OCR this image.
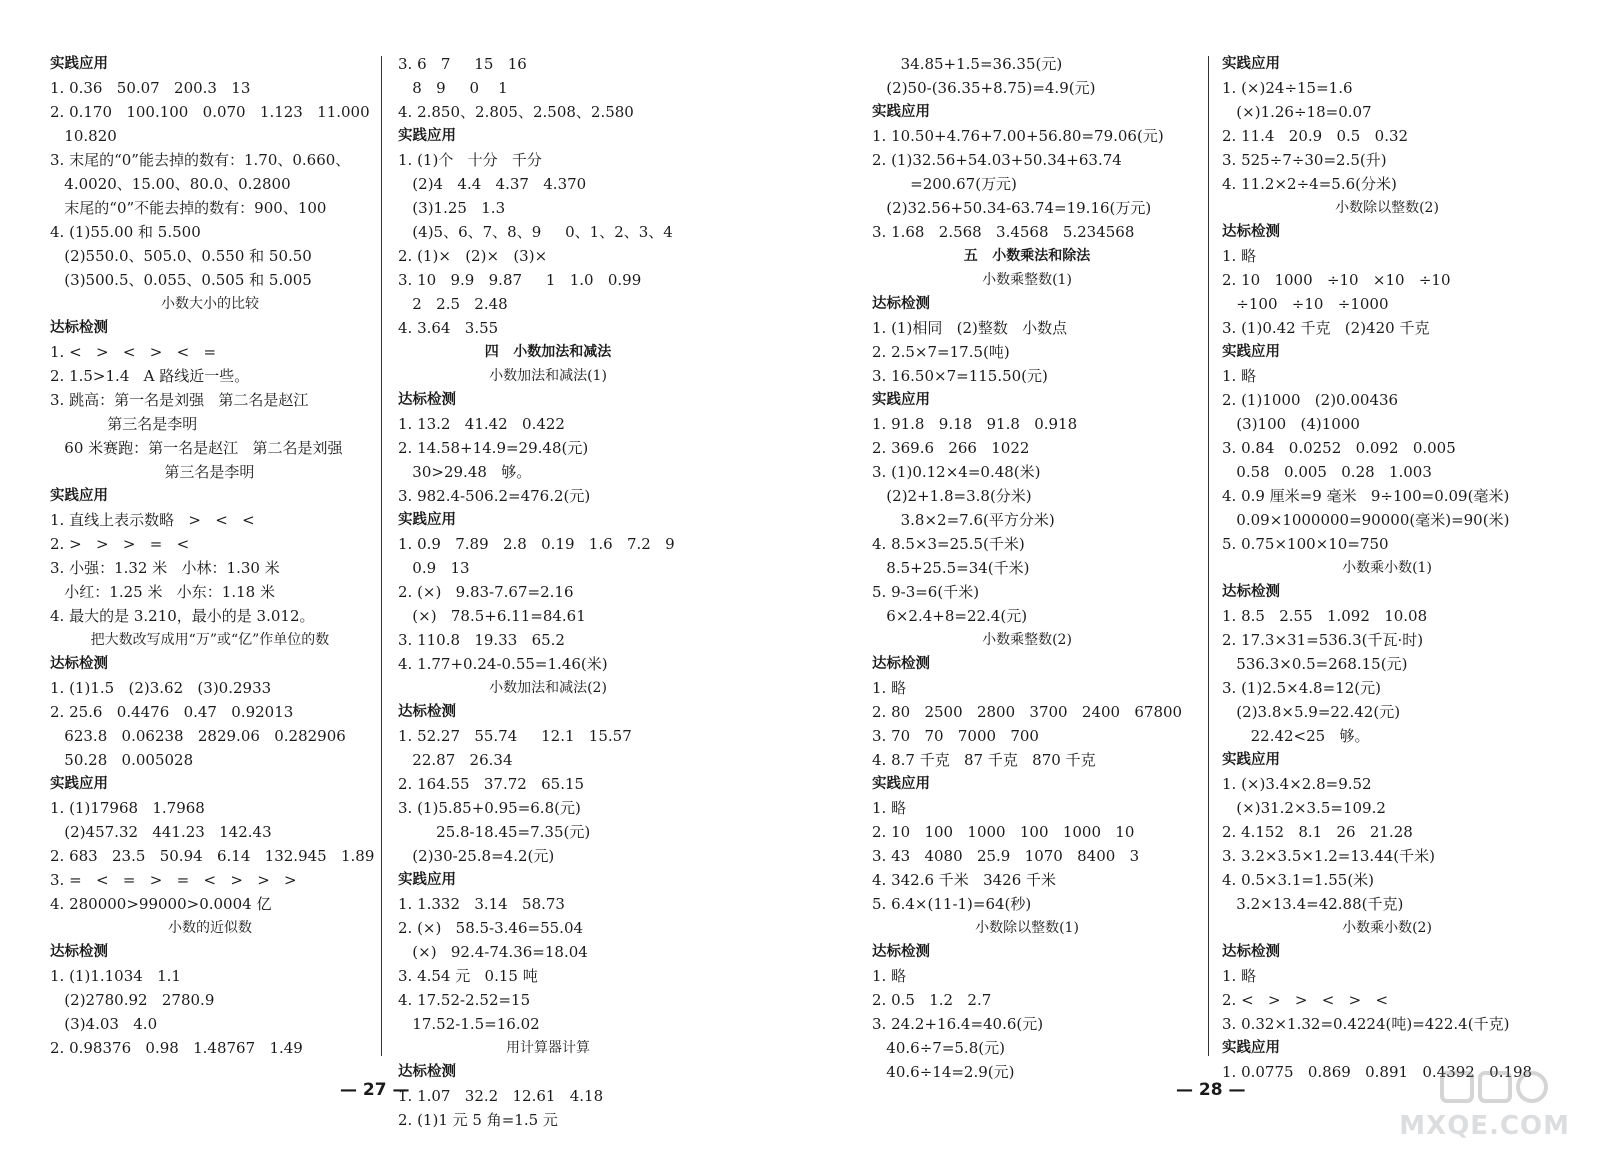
实践应用
1. 0.36   50.07   200.3   13
2. 0.170   100.100   0.070   1.123   11.000
10.820
3. 末尾的“0”能去掉的数有：1.70、0.660、
4.0020、15.00、80.0、0.2800
末尾的“0”不能去掉的数有：900、100
4. (1)55.00 和 5.500
(2)550.0、505.0、0.550 和 50.50
(3)500.5、0.055、0.505 和 5.005
小数大小的比较
达标检测
1. <   >   <   >   <   =
2. 1.5>1.4   A 路线近一些。
3. 跳高：第一名是刘强   第二名是赵江
第三名是李明
60 米赛跑：第一名是赵江   第二名是刘强
第三名是李明
实践应用
1. 直线上表示数略   >   <   <
2. >   >   >   =   <
3. 小强：1.32 米   小林：1.30 米
小红：1.25 米   小东：1.18 米
4. 最大的是 3.210，最小的是 3.012。
把大数改写成用“万”或“亿”作单位的数
达标检测
1. (1)1.5   (2)3.62   (3)0.2933
2. 25.6   0.4476   0.47   0.92013
623.8   0.06238   2829.06   0.282906
50.28   0.005028
实践应用
1. (1)17968   1.7968
(2)457.32   441.23   142.43
2. 683   23.5   50.94   6.14   132.945   1.89
3. =   <   =   >   =   <   >   >   >
4. 280000>99000>0.0004 亿
小数的近似数
达标检测
1. (1)1.1034   1.1
(2)2780.92   2780.9
(3)4.03   4.0
2. 0.98376   0.98   1.48767   1.49
3. 6   7     15   16
8   9     0    1
4. 2.850、2.805、2.508、2.580
实践应用
1. (1)个   十分   千分
(2)4   4.4   4.37   4.370
(3)1.25   1.3
(4)5、6、7、8、9     0、1、2、3、4
2. (1)×   (2)×   (3)×
3. 10   9.9   9.87     1   1.0   0.99
2   2.5   2.48
4. 3.64   3.55
四   小数加法和减法
小数加法和减法(1)
达标检测
1. 13.2   41.42   0.422
2. 14.58+14.9=29.48(元)
30>29.48   够。
3. 982.4-506.2=476.2(元)
实践应用
1. 0.9   7.89   2.8   0.19   1.6   7.2   9
0.9   13
2. (×)   9.83-7.67=2.16
(×)   78.5+6.11=84.61
3. 110.8   19.33   65.2
4. 1.77+0.24-0.55=1.46(米)
小数加法和减法(2)
达标检测
1. 52.27   55.74     12.1   15.57
22.87   26.34
2. 164.55   37.72   65.15
3. (1)5.85+0.95=6.8(元)
25.8-18.45=7.35(元)
(2)30-25.8=4.2(元)
实践应用
1. 1.332   3.14   58.73
2. (×)   58.5-3.46=55.04
(×)   92.4-74.36=18.04
3. 4.54 元   0.15 吨
4. 17.52-2.52=15
17.52-1.5=16.02
用计算器计算
达标检测
1. 1.07   32.2   12.61   4.18
2. (1)1 元 5 角=1.5 元
34.85+1.5=36.35(元)
(2)50-(36.35+8.75)=4.9(元)
实践应用
1. 10.50+4.76+7.00+56.80=79.06(元)
2. (1)32.56+54.03+50.34+63.74
=200.67(万元)
(2)32.56+50.34-63.74=19.16(万元)
3. 1.68   2.568   3.4568   5.234568
五   小数乘法和除法
小数乘整数(1)
达标检测
1. (1)相同   (2)整数   小数点
2. 2.5×7=17.5(吨)
3. 16.50×7=115.50(元)
实践应用
1. 91.8   9.18   91.8   0.918
2. 369.6   266   1022
3. (1)0.12×4=0.48(米)
(2)2+1.8=3.8(分米)
3.8×2=7.6(平方分米)
4. 8.5×3=25.5(千米)
8.5+25.5=34(千米)
5. 9-3=6(千米)
6×2.4+8=22.4(元)
小数乘整数(2)
达标检测
1. 略
2. 80   2500   2800   3700   2400   67800
3. 70   70   7000   700
4. 8.7 千克   87 千克   870 千克
实践应用
1. 略
2. 10   100   1000   100   1000   10
3. 43   4080   25.9   1070   8400   3
4. 342.6 千米   3426 千米
5. 6.4×(11-1)=64(秒)
小数除以整数(1)
达标检测
1. 略
2. 0.5   1.2   2.7
3. 24.2+16.4=40.6(元)
40.6÷7=5.8(元)
40.6÷14=2.9(元)
实践应用
1. (×)24÷15=1.6
(×)1.26÷18=0.07
2. 11.4   20.9   0.5   0.32
3. 525÷7÷30=2.5(升)
4. 11.2×2÷4=5.6(分米)
小数除以整数(2)
达标检测
1. 略
2. 10   1000   ÷10   ×10   ÷10
÷100   ÷10   ÷1000
3. (1)0.42 千克   (2)420 千克
实践应用
1. 略
2. (1)1000   (2)0.00436
(3)100   (4)1000
3. 0.84   0.0252   0.092   0.005
0.58   0.005   0.28   1.003
4. 0.9 厘米=9 毫米   9÷100=0.09(毫米)
0.09×1000000=90000(毫米)=90(米)
5. 0.75×100×10=750
小数乘小数(1)
达标检测
1. 8.5   2.55   1.092   10.08
2. 17.3×31=536.3(千瓦·时)
536.3×0.5=268.15(元)
3. (1)2.5×4.8=12(元)
(2)3.8×5.9=22.42(元)
22.42<25   够。
实践应用
1. (×)3.4×2.8=9.52
(×)31.2×3.5=109.2
2. 4.152   8.1   26   21.28
3. 3.2×3.5×1.2=13.44(千米)
4. 0.5×3.1=1.55(米)
3.2×13.4=42.88(千克)
小数乘小数(2)
达标检测
1. 略
2. <   >   >   <   >   <
3. 0.32×1.32=0.4224(吨)=422.4(千克)
实践应用
1. 0.0775   0.869   0.891   0.4392   0.198
— 27 —	— 28 —
MXQE.COM
